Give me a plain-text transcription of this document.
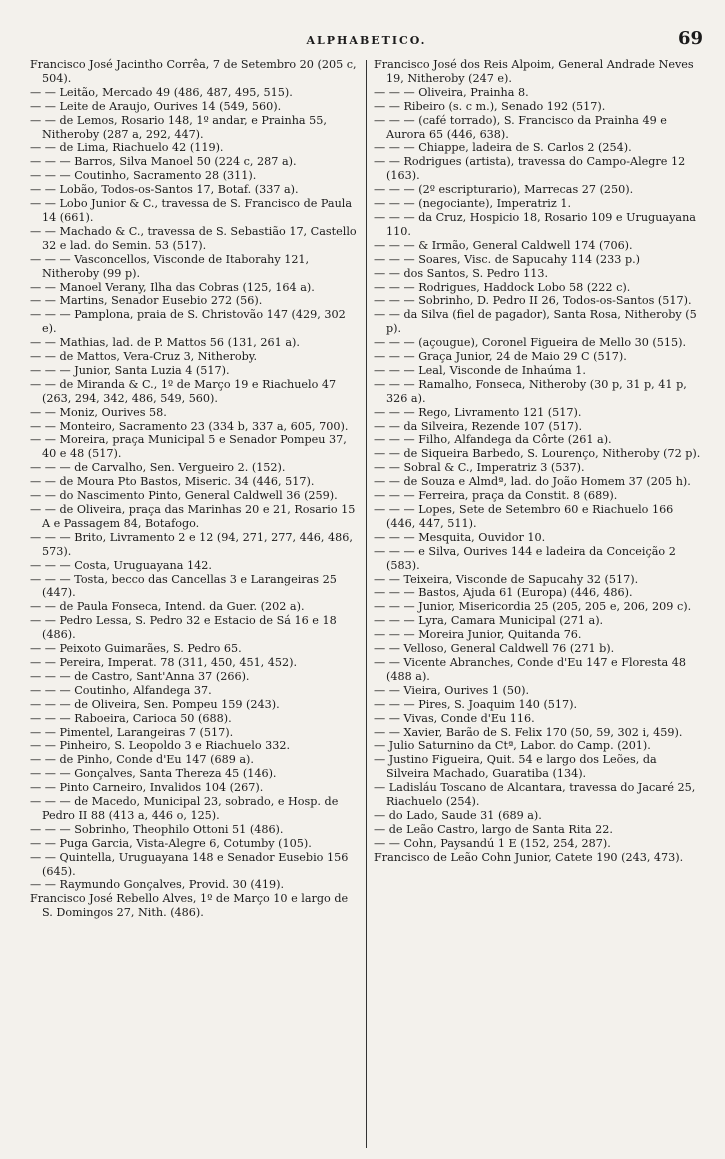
ALPHABETICO.	69

Francisco José Jacintho Corrêa, 7 de Setembro 20 (205 c, 504).

— — Leitão, Mercado 49 (486, 487, 495, 515).

— — Leite de Araujo, Ourives 14 (549, 560).

— — de Lemos, Rosario 148, 1º andar, e Prainha 55, Nitheroby (287 a, 292, 447).

— — de Lima, Riachuelo 42 (119).

— — — Barros, Silva Manoel 50 (224 c, 287 a).

— — — Coutinho, Sacramento 28 (311).

— — Lobão, Todos-os-Santos 17, Botaf. (337 a).

— — Lobo Junior & C., travessa de S. Francisco de Paula 14 (661).

— — Machado & C., travessa de S. Sebastião 17, Castello 32 e lad. do Semin. 53 (517).

— — — Vasconcellos, Visconde de Itaborahy 121, Nitheroby (99 p).

— — Manoel Verany, Ilha das Cobras (125, 164 a).

— — Martins, Senador Eusebio 272 (56).

— — — Pamplona, praia de S. Christovão 147 (429, 302 e).

— — Mathias, lad. de P. Mattos 56 (131, 261 a).

— — de Mattos, Vera-Cruz 3, Nitheroby.

— — — Junior, Santa Luzia 4 (517).

— — de Miranda & C., 1º de Março 19 e Riachuelo 47 (263, 294, 342, 486, 549, 560).

— — Moniz, Ourives 58.

— — Monteiro, Sacramento 23 (334 b, 337 a, 605, 700).

— — Moreira, praça Municipal 5 e Senador Pompeu 37, 40 e 48 (517).

— — — de Carvalho, Sen. Vergueiro 2. (152).

— — de Moura Pto Bastos, Miseric. 34 (446, 517).

— — do Nascimento Pinto, General Caldwell 36 (259).

— — de Oliveira, praça das Marinhas 20 e 21, Rosario 15 A e Passagem 84, Botafogo.

— — — Brito, Livramento 2 e 12 (94, 271, 277, 446, 486, 573).

— — — Costa, Uruguayana 142.

— — — Tosta, becco das Cancellas 3 e Larangeiras 25 (447).

— — de Paula Fonseca, Intend. da Guer. (202 a).

— — Pedro Lessa, S. Pedro 32 e Estacio de Sá 16 e 18 (486).

— — Peixoto Guimarães, S. Pedro 65.

— — Pereira, Imperat. 78 (311, 450, 451, 452).

— — — de Castro, Sant'Anna 37 (266).

— — — Coutinho, Alfandega 37.

— — — de Oliveira, Sen. Pompeu 159 (243).

— — — Raboeira, Carioca 50 (688).

— — Pimentel, Larangeiras 7 (517).

— — Pinheiro, S. Leopoldo 3 e Riachuelo 332.

— — de Pinho, Conde d'Eu 147 (689 a).

— — — Gonçalves, Santa Thereza 45 (146).

— — Pinto Carneiro, Invalidos 104 (267).

— — — de Macedo, Municipal 23, sobrado, e Hosp. de Pedro II 88 (413 a, 446 o, 125).

— — — Sobrinho, Theophilo Ottoni 51 (486).

— — Puga Garcia, Vista-Alegre 6, Cotumby (105).

— — Quintella, Uruguayana 148 e Senador Eusebio 156 (645).

— — Raymundo Gonçalves, Provid. 30 (419).

Francisco José Rebello Alves, 1º de Março 10 e largo de S. Domingos 27, Nith. (486).

Francisco José dos Reis Alpoim, General Andrade Neves 19, Nitheroby (247 e).

— — — Oliveira, Prainha 8.

— — Ribeiro (s. c m.), Senado 192 (517).

— — — (café torrado), S. Francisco da Prainha 49 e Aurora 65 (446, 638).

— — — Chiappe, ladeira de S. Carlos 2 (254).

— — Rodrigues (artista), travessa do Campo-Alegre 12 (163).

— — — (2º escripturario), Marrecas 27 (250).

— — — (negociante), Imperatriz 1.

— — — da Cruz, Hospicio 18, Rosario 109 e Uruguayana 110.

— — — & Irmão, General Caldwell 174 (706).

— — — Soares, Visc. de Sapucahy 114 (233 p.)

— — dos Santos, S. Pedro 113.

— — — Rodrigues, Haddock Lobo 58 (222 c).

— — — Sobrinho, D. Pedro II 26, Todos-os-Santos (517).

— — da Silva (fiel de pagador), Santa Rosa, Nitheroby (5 p).

— — — (açougue), Coronel Figueira de Mello 30 (515).

— — — Graça Junior, 24 de Maio 29 C (517).

— — — Leal, Visconde de Inhaúma 1.

— — — Ramalho, Fonseca, Nitheroby (30 p, 31 p, 41 p, 326 a).

— — — Rego, Livramento 121 (517).

— — da Silveira, Rezende 107 (517).

— — — Filho, Alfandega da Côrte (261 a).

— — de Siqueira Barbedo, S. Lourenço, Nitheroby (72 p).

— — Sobral & C., Imperatriz 3 (537).

— — de Souza e Almdª, lad. do João Homem 37 (205 h).

— — — Ferreira, praça da Constit. 8 (689).

— — — Lopes, Sete de Setembro 60 e Riachuelo 166 (446, 447, 511).

— — — Mesquita, Ouvidor 10.

— — — e Silva, Ourives 144 e ladeira da Conceição 2 (583).

— — Teixeira, Visconde de Sapucahy 32 (517).

— — — Bastos, Ajuda 61 (Europa) (446, 486).

— — — Junior, Misericordia 25 (205, 205 e, 206, 209 c).

— — — Lyra, Camara Municipal (271 a).

— — — Moreira Junior, Quitanda 76.

— — Velloso, General Caldwell 76 (271 b).

— — Vicente Abranches, Conde d'Eu 147 e Floresta 48 (488 a).

— — Vieira, Ourives 1 (50).

— — — Pires, S. Joaquim 140 (517).

— — Vivas, Conde d'Eu 116.

— — Xavier, Barão de S. Felix 170 (50, 59, 302 i, 459).

— Julio Saturnino da Ctª, Labor. do Camp. (201).

— Justino Figueira, Quit. 54 e largo dos Leões, da Silveira Machado, Guaratiba (134).

— Ladisláu Toscano de Alcantara, travessa do Jacaré 25, Riachuelo (254).

— do Lado, Saude 31 (689 a).

— de Leão Castro, largo de Santa Rita 22.

— — Cohn, Paysandú 1 E (152, 254, 287).

Francisco de Leão Cohn Junior, Catete 190 (243, 473).
